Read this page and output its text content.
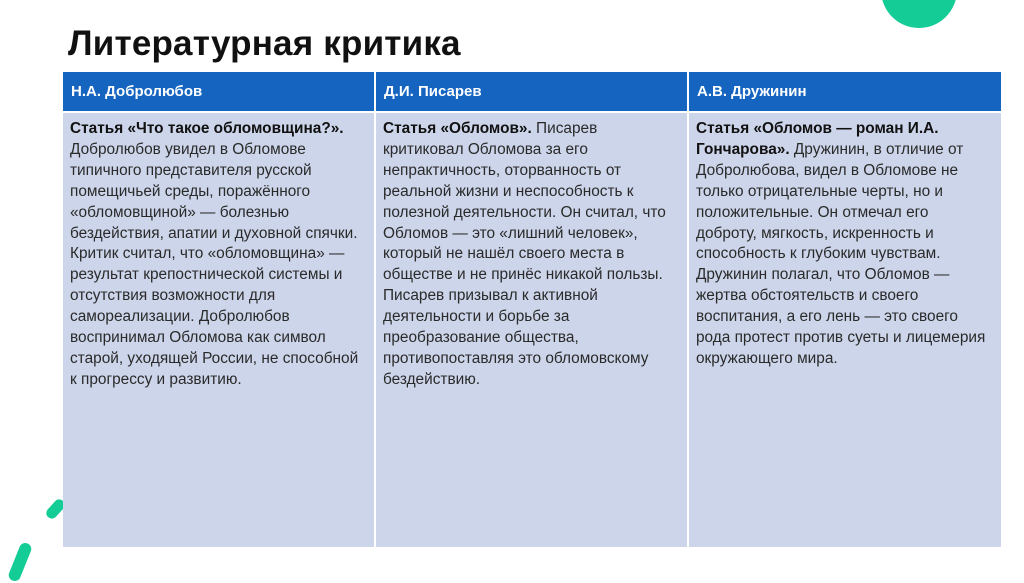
Литературная критика
Н.А. Добролюбов	Д.И. Писарев	А.В. Дружинин
Статья «Что такое обломовщина?». Добролюбов увидел в Обломове типичного представителя русской помещичьей среды, поражённого «обломовщиной» — болезнью бездействия, апатии и духовной спячки. Критик считал, что «обломовщина» — результат крепостнической системы и отсутствия возможности для самореализации. Добролюбов воспринимал Обломова как символ старой, уходящей России, не способной к прогрессу и развитию.	Статья «Обломов». Писарев критиковал Обломова за его непрактичность, оторванность от реальной жизни и неспособность к полезной деятельности. Он считал, что Обломов — это «лишний человек», который не нашёл своего места в обществе и не принёс никакой пользы. Писарев призывал к активной деятельности и борьбе за преобразование общества, противопоставляя это обломовскому бездействию.	Статья «Обломов — роман И.А. Гончарова». Дружинин, в отличие от Добролюбова, видел в Обломове не только отрицательные черты, но и положительные. Он отмечал его доброту, мягкость, искренность и способность к глубоким чувствам. Дружинин полагал, что Обломов — жертва обстоятельств и своего воспитания, а его лень — это своего рода протест против суеты и лицемерия окружающего мира.
